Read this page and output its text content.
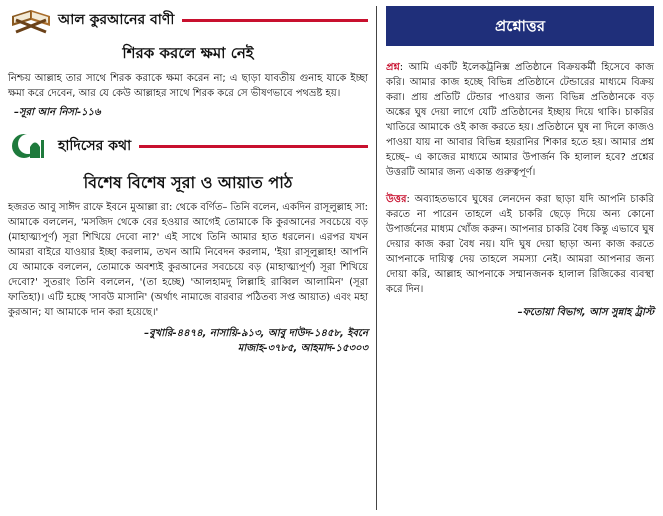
আল কুরআনের বাণী
শিরক করলে ক্ষমা নেই

নিশ্চয় আল্লাহ তার সাথে শিরক করাকে ক্ষমা করেন না; এ ছাড়া যাবতীয় গুনাহ যাকে ইচ্ছা ক্ষমা করে দেবেন, আর যে কেউ আল্লাহর সাথে শিরক করে সে ভীষণভাবে পথভ্রষ্ট হয়।

–সূরা আন নিসা-১১৬
হাদিসের কথা
বিশেষ বিশেষ সূরা ও আয়াত পাঠ

হজরত আবু সাঈদ রাফে ইবনে মুআল্লা রা: থেকে বর্ণিত– তিনি বলেন, একদিন রাসূলুল্লাহ সা: আমাকে বললেন, 'মসজিদ থেকে বের হওয়ার আগেই তোমাকে কি কুরআনের সবচেয়ে বড় (মাহাত্ম্যপূর্ণ) সূরা শিখিয়ে দেবো না?' এই সাথে তিনি আমার হাত ধরলেন। এরপর যখন আমরা বাইরে যাওয়ার ইচ্ছা করলাম, তখন আমি নিবেদন করলাম, 'ইয়া রাসূলুল্লাহ! আপনি যে আমাকে বললেন, তোমাকে অবশ্যই কুরআনের সবচেয়ে বড় (মাহাত্ম্যপূর্ণ) সূরা শিখিয়ে দেবো?' সুতরাং তিনি বললেন, '(তা হচ্ছে) 'আলহামদু লিল্লাহি রাব্বিল আলামিন' (সূরা ফাতিহা)। এটি হচ্ছে 'সাবউ মাসানি' (অর্থাৎ নামাজে বারবার পঠিতব্য সপ্ত আয়াত) এবং মহা কুরআন; যা আমাকে দান করা হয়েছে।'

–বুখারি-৪৪৭৪, নাসায়ি-৯১৩, আবু দাউদ-১৪৫৮, ইবনে
মাজাহ-৩৭৮৫, আহমাদ-১৫৩০৩
প্রশ্নোত্তর

প্রশ্ন: আমি একটি ইলেকট্রনিক্স প্রতিষ্ঠানে বিক্রয়কর্মী হিসেবে কাজ করি। আমার কাজ হচ্ছে বিভিন্ন প্রতিষ্ঠানে টেন্ডারের মাধ্যমে বিক্রয় করা। প্রায় প্রতিটি টেন্ডার পাওয়ার জন্য বিভিন্ন প্রতিষ্ঠানকে বড় অঙ্কের ঘুষ দেয়া লাগে যেটি প্রতিষ্ঠানের ইচ্ছায় দিয়ে থাকি। চাকরির খাতিরে আমাকে ওই কাজ করতে হয়। প্রতিষ্ঠানে ঘুষ না দিলে কাজও পাওয়া যায় না আবার বিভিন্ন হয়রানির শিকার হতে হয়। আমার প্রশ্ন হচ্ছে– এ কাজের মাধ্যমে আমার উপার্জন কি হালাল হবে? প্রশ্নের উত্তরটি আমার জন্য একান্ত গুরুত্বপূর্ণ।

উত্তর: অব্যাহতভাবে ঘুষের লেনদেন করা ছাড়া যদি আপনি চাকরি করতে না পারেন তাহলে এই চাকরি ছেড়ে দিয়ে অন্য কোনো উপার্জনের মাধ্যম খোঁজ করুন। আপনার চাকরি বৈধ কিন্তু এভাবে ঘুষ দেয়ার কাজ করা বৈধ নয়। যদি ঘুষ দেয়া ছাড়া অন্য কাজ করতে আপনাকে দায়িত্ব দেয় তাহলে সমস্যা নেই। আমরা আপনার জন্য দোয়া করি, আল্লাহ আপনাকে সম্মানজনক হালাল রিজিকের ব্যবস্থা করে দিন।

–ফতোয়া বিভাগ, আস সুন্নাহ ট্রাস্ট
